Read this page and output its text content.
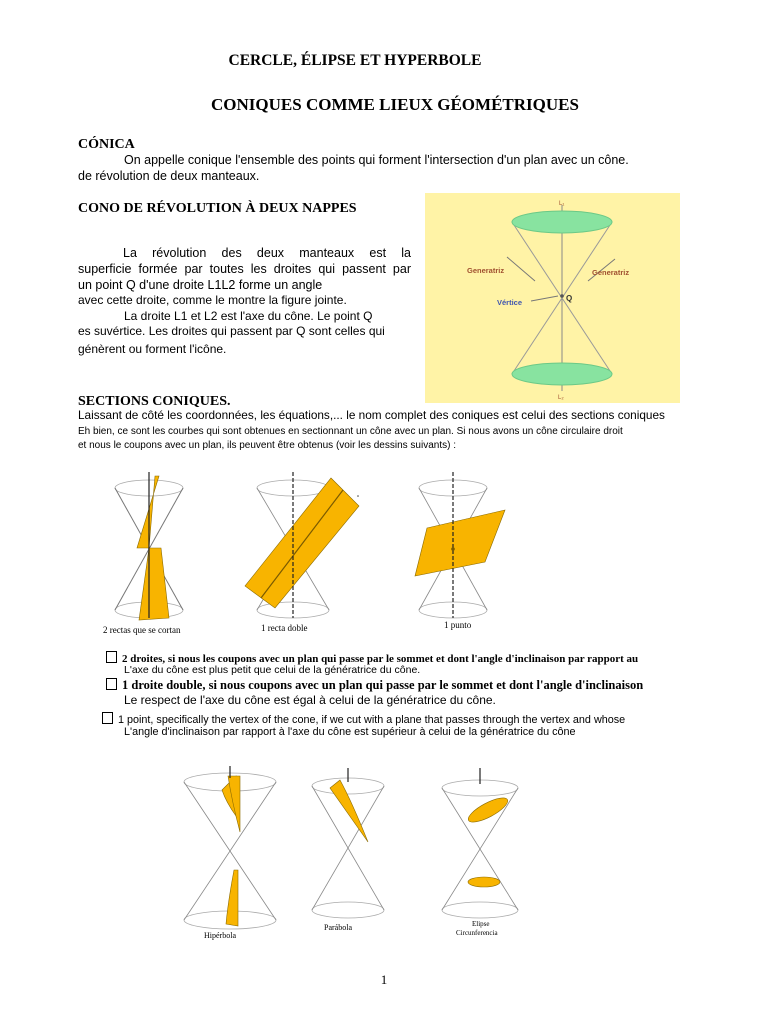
CERCLE, ÉLIPSE ET HYPERBOLE
CONIQUES COMME LIEUX GÉOMÉTRIQUES
CÓNICA
On appelle conique l'ensemble des points qui forment l'intersection d'un plan avec un cône.
de révolution de deux manteaux.
CONO DE RÉVOLUTION À DEUX NAPPES
La révolution des deux manteaux est la
superficie formée par toutes les droites qui passent par
un point Q d'une droite L1L2 forme un angle
avec cette droite, comme le montre la figure jointe.
La droite L1 et L2 est l'axe du cône. Le point Q
es suvértice. Les droites qui passent par Q sont celles qui
génèrent ou forment l'icône.
L₁
L₂
Generatriz	Generatriz
Vértice	Q
SECTIONS CONIQUES.
Laissant de côté les coordonnées, les équations,... le nom complet des coniques est celui des sections coniques
Eh bien, ce sont les courbes qui sont obtenues en sectionnant un cône avec un plan. Si nous avons un cône circulaire droit
et nous le coupons avec un plan, ils peuvent être obtenus (voir les dessins suivants) :
2 rectas que se cortan	1 recta doble	1 punto
2 droites, si nous les coupons avec un plan qui passe par le sommet et dont l'angle d'inclinaison par rapport au
L'axe du cône est plus petit que celui de la génératrice du cône.
1 droite double, si nous coupons avec un plan qui passe par le sommet et dont l'angle d'inclinaison
Le respect de l'axe du cône est égal à celui de la génératrice du cône.
1 point, specifically the vertex of the cone, if we cut with a plane that passes through the vertex and whose
L'angle d'inclinaison par rapport à l'axe du cône est supérieur à celui de la génératrice du cône
Hipérbola
Parábola	Elipse
Circunferencia
1
